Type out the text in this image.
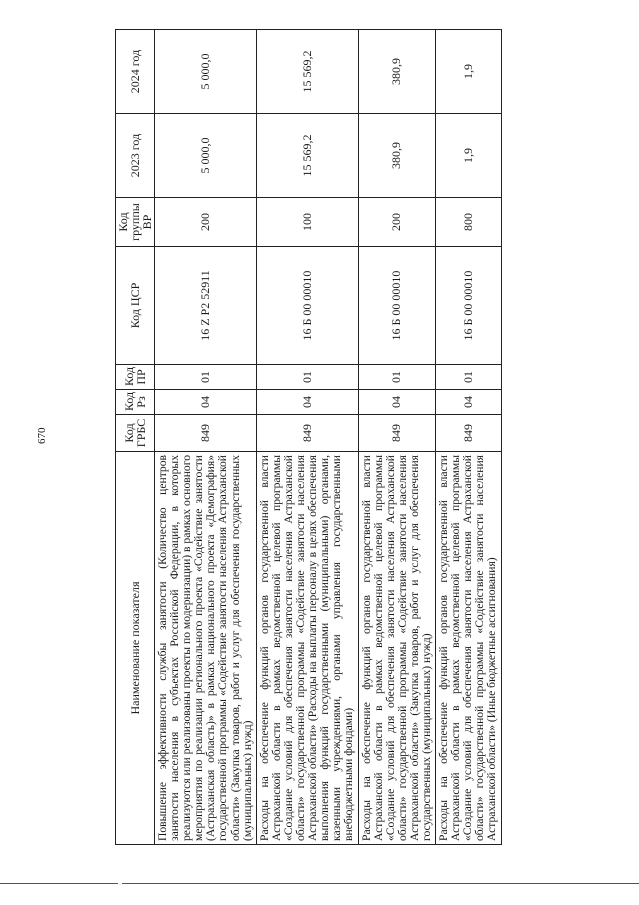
670
Наименование показателя	Код ГРБС	Код Рз	Код ПР	Код ЦСР	Код группы ВР	2023 год	2024 год
Повышение эффективности службы занятости (Количество центров занятости населения в субъектах Российской Федерации, в которых реализуются или реализованы проекты по модернизации) в рамках основного мероприятия по реализации регионального проекта «Содействие занятости (Астраханская область)» в рамках национального проекта «Демография» государственной программы «Содействие занятости населения Астраханской области» (Закупка товаров, работ и услуг для обеспечения государственных (муниципальных) нужд)	849	04	01	16 Z P2 52911	200	5 000,0	5 000,0
Расходы на обеспечение функций органов государственной власти Астраханской области в рамках ведомственной целевой программы «Создание условий для обеспечения занятости населения Астраханской области» государственной программы «Содействие занятости населения Астраханской области» (Расходы на выплаты персоналу в целях обеспечения выполнения функций государственными (муниципальными) органами, казенными учреждениями, органами управления государственными внебюджетными фондами)	849	04	01	16 Б 00 00010	100	15 569,2	15 569,2
Расходы на обеспечение функций органов государственной власти Астраханской области в рамках ведомственной целевой программы «Создание условий для обеспечения занятости населения Астраханской области» государственной программы «Содействие занятости населения Астраханской области» (Закупка товаров, работ и услуг для обеспечения государственных (муниципальных) нужд)	849	04	01	16 Б 00 00010	200	380,9	380,9
Расходы на обеспечение функций органов государственной власти Астраханской области в рамках ведомственной целевой программы «Создание условий для обеспечения занятости населения Астраханской области» государственной программы «Содействие занятости населения Астраханской области» (Иные бюджетные ассигнования)	849	04	01	16 Б 00 00010	800	1,9	1,9
